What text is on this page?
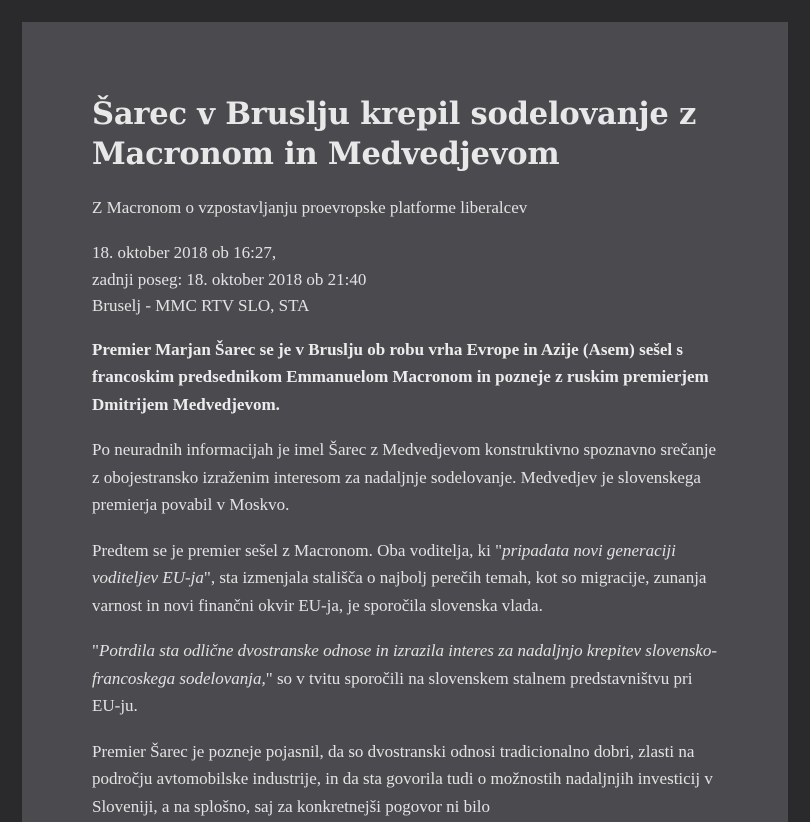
Šarec v Bruslju krepil sodelovanje z Macronom in Medvedjevom
Z Macronom o vzpostavljanju proevropske platforme liberalcev
18. oktober 2018 ob 16:27,
zadnji poseg: 18. oktober 2018 ob 21:40
Bruselj - MMC RTV SLO, STA

Premier Marjan Šarec se je v Bruslju ob robu vrha Evrope in Azije (Asem) sešel s francoskim predsednikom Emmanuelom Macronom in pozneje z ruskim premierjem Dmitrijem Medvedjevom.

Po neuradnih informacijah je imel Šarec z Medvedjevom konstruktivno spoznavno srečanje z obojestransko izraženim interesom za nadaljnje sodelovanje. Medvedjev je slovenskega premierja povabil v Moskvo.

Predtem se je premier sešel z Macronom. Oba voditelja, ki "pripadata novi generaciji voditeljev EU-ja", sta izmenjala stališča o najbolj perečih temah, kot so migracije, zunanja varnost in novi finančni okvir EU-ja, je sporočila slovenska vlada.

"Potrdila sta odlične dvostranske odnose in izrazila interes za nadaljnjo krepitev slovensko-francoskega sodelovanja," so v tvitu sporočili na slovenskem stalnem predstavništvu pri EU-ju.

Premier Šarec je pozneje pojasnil, da so dvostranski odnosi tradicionalno dobri, zlasti na področju avtomobilske industrije, in da sta govorila tudi o možnostih nadaljnjih investicij v Sloveniji, a na splošno, saj za konkretnejši pogovor ni bilo
